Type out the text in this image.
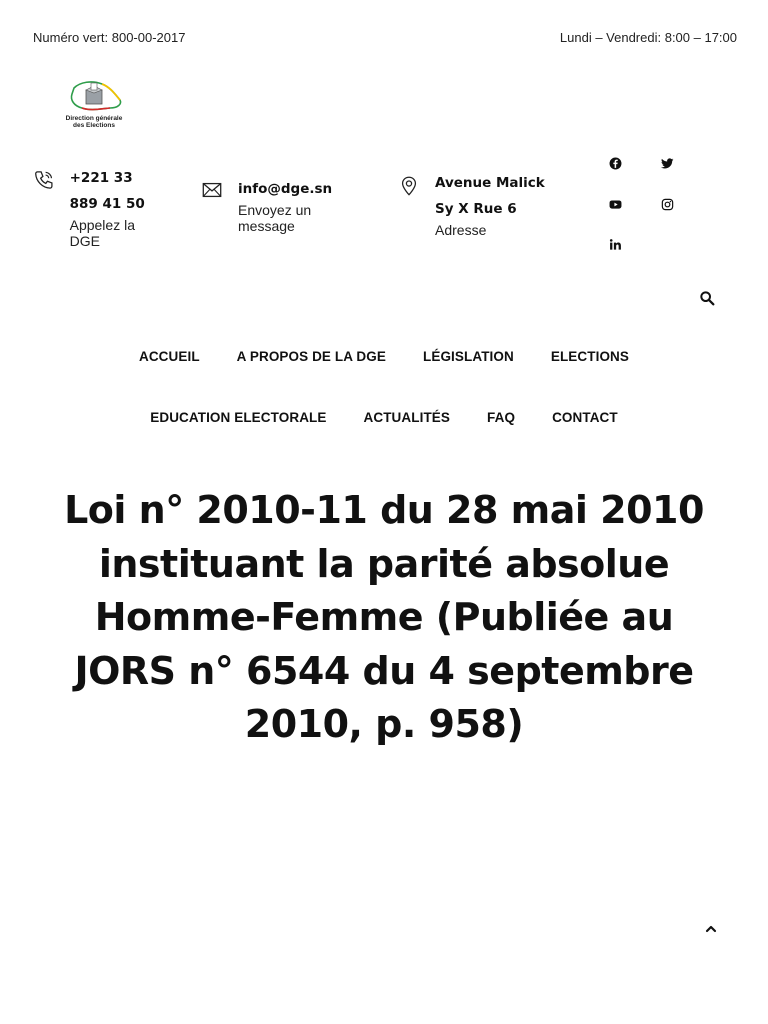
Numéro vert: 800-00-2017	Lundi – Vendredi: 8:00 – 17:00
Direction générale
des Elections
+221 33 889 41 50
Appelez la DGE
info@dge.sn
Envoyez un message
Avenue Malick Sy X Rue 6
Adresse
ACCUEIL	A PROPOS DE LA DGE	LÉGISLATION	ELECTIONS
EDUCATION ELECTORALE	ACTUALITÉS	FAQ	CONTACT
Loi n° 2010-11 du 28 mai 2010 instituant la parité absolue Homme-Femme (Publiée au JORS n° 6544 du 4 septembre 2010, p. 958)
